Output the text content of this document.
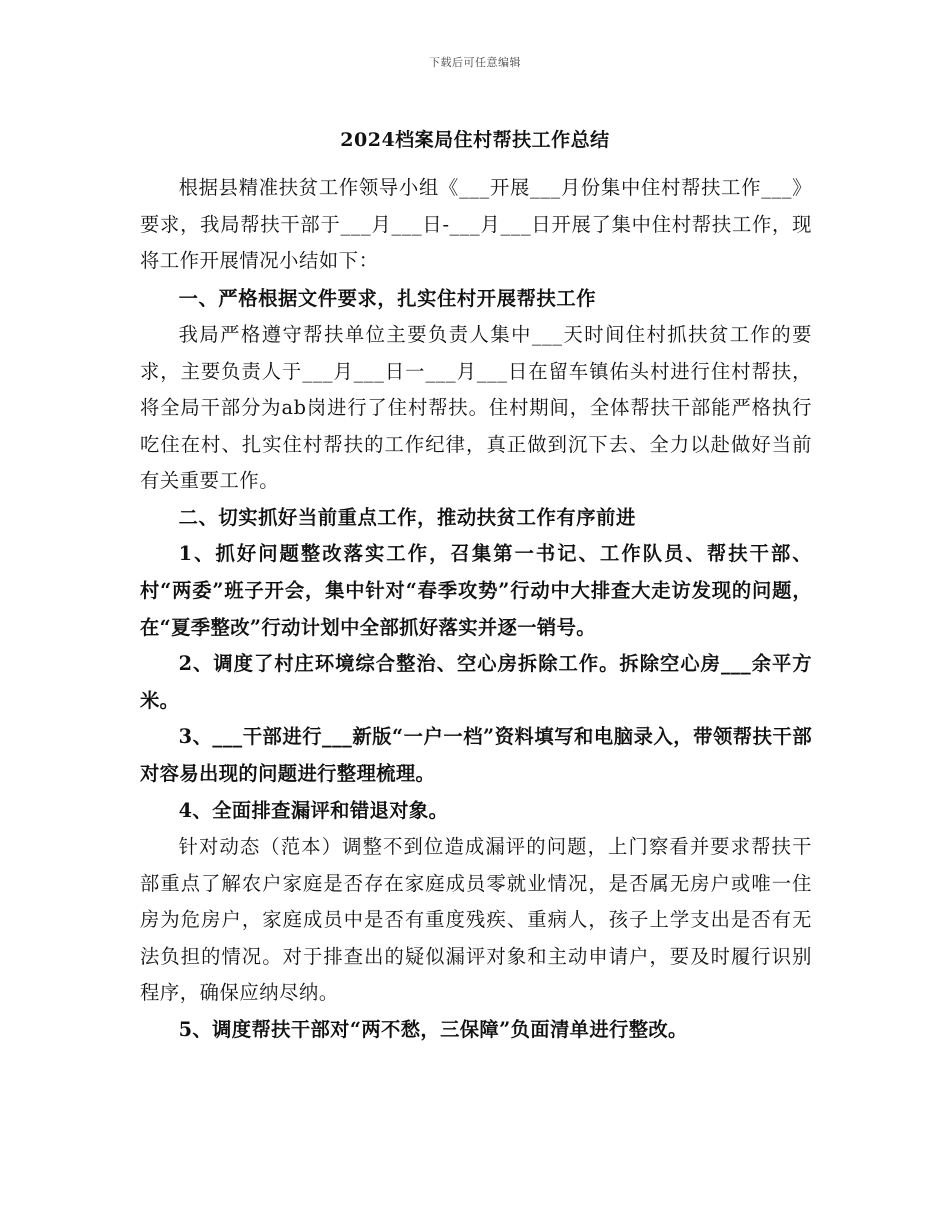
下载后可任意编辑
2024档案局住村帮扶工作总结

根据县精准扶贫工作领导小组《___开展___月份集中住村帮扶工作___》要求，我局帮扶干部于___月___日-___月___日开展了集中住村帮扶工作，现将工作开展情况小结如下：

一、严格根据文件要求，扎实住村开展帮扶工作

我局严格遵守帮扶单位主要负责人集中___天时间住村抓扶贫工作的要求，主要负责人于___月___日一___月___日在留车镇佑头村进行住村帮扶，将全局干部分为ab岗进行了住村帮扶。住村期间，全体帮扶干部能严格执行吃住在村、扎实住村帮扶的工作纪律，真正做到沉下去、全力以赴做好当前有关重要工作。

二、切实抓好当前重点工作，推动扶贫工作有序前进

1、抓好问题整改落实工作，召集第一书记、工作队员、帮扶干部、村“两委”班子开会，集中针对“春季攻势”行动中大排查大走访发现的问题，在“夏季整改”行动计划中全部抓好落实并逐一销号。

2、调度了村庄环境综合整治、空心房拆除工作。拆除空心房___余平方米。

3、___干部进行___新版“一户一档”资料填写和电脑录入，带领帮扶干部对容易出现的问题进行整理梳理。

4、全面排查漏评和错退对象。

针对动态（范本）调整不到位造成漏评的问题，上门察看并要求帮扶干部重点了解农户家庭是否存在家庭成员零就业情况，是否属无房户或唯一住房为危房户，家庭成员中是否有重度残疾、重病人，孩子上学支出是否有无法负担的情况。对于排查出的疑似漏评对象和主动申请户，要及时履行识别程序，确保应纳尽纳。

5、调度帮扶干部对“两不愁，三保障”负面清单进行整改。
